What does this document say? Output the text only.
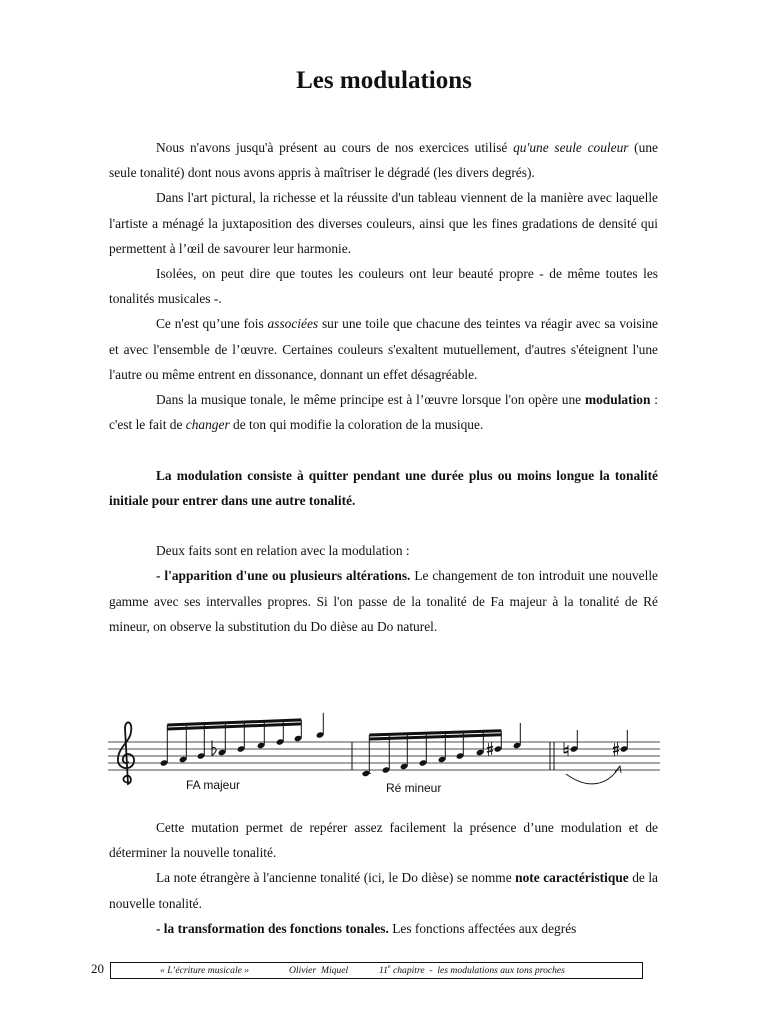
Les modulations

Nous n'avons jusqu'à présent au cours de nos exercices utilisé qu'une seule couleur (une seule tonalité) dont nous avons appris à maîtriser le dégradé (les divers degrés).

Dans l'art pictural, la richesse et la réussite d'un tableau viennent de la manière avec laquelle l'artiste a ménagé la juxtaposition des diverses couleurs, ainsi que les fines gradations de densité qui permettent à l’œil de savourer leur harmonie.

Isolées, on peut dire que toutes les couleurs ont leur beauté propre - de même toutes les tonalités musicales -.

Ce n'est qu’une fois associées sur une toile que chacune des teintes va réagir avec sa voisine et avec l'ensemble de l’œuvre. Certaines couleurs s'exaltent mutuellement, d'autres s'éteignent l'une l'autre ou même entrent en dissonance, donnant un effet désagréable.

Dans la musique tonale, le même principe est à l’œuvre lorsque l'on opère une modulation : c'est le fait de changer de ton qui modifie la coloration de la musique.

La modulation consiste à quitter pendant une durée plus ou moins longue la tonalité initiale pour entrer dans une autre tonalité.

Deux faits sont en relation avec la modulation :

- l'apparition d'une ou plusieurs altérations. Le changement de ton introduit une nouvelle gamme avec ses intervalles propres. Si l'on passe de la tonalité de Fa majeur à la tonalité de Ré mineur, on observe la substitution du Do dièse au Do naturel.

FA majeur	Ré mineur

Cette mutation permet de repérer assez facilement la présence d’une modulation et de déterminer la nouvelle tonalité.

La note étrangère à l'ancienne tonalité (ici, le Do dièse) se nomme note caractéristique de la nouvelle tonalité.

- la transformation des fonctions tonales. Les fonctions affectées aux degrés

20

	« L’écriture musicale »

	Olivier  Miquel

	11e chapitre  -  les modulations aux tons proches
